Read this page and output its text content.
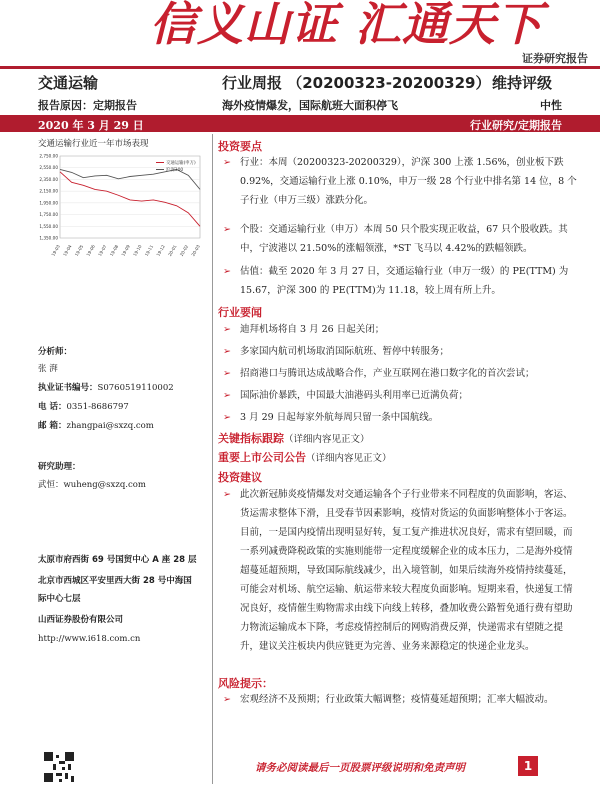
信义山证 汇通天下
证券研究报告
交通运输	行业周报 （20200323-20200329） 维持评级
报告原因：定期报告	海外疫情爆发，国际航班大面积停飞	中性
2020 年 3 月 29 日	行业研究/定期报告
交通运输行业近一年市场表现
2,750.00
2,550.00
2,350.00
2,150.00
1,950.00
1,750.00
1,550.00
1,350.00
19-03 19-04 19-05 19-06 19-07 19-08 19-09 19-10 19-11 19-12 20-01 20-02 20-03
交通运输(申万)
沪深300
分析师：
张 湃
执业证书编号：S0760519110002
电 话：0351-8686797
邮 箱：zhangpai@sxzq.com
研究助理：
武恒：wuheng@sxzq.com
太原市府西街 69 号国贸中心 A 座 28 层
北京市西城区平安里西大街 28 号中海国
际中心七层
山西证券股份有限公司
http://www.i618.com.cn
投资要点
➢ 行业：本周（20200323-20200329），沪深 300 上涨 1.56%，创业板下跌 0.92%，交通运输行业上涨 0.10%，申万一级 28 个行业中排名第 14 位，8 个子行业（申万三级）涨跌分化。
➢ 个股：交通运输行业（申万）本周 50 只个股实现正收益，67 只个股收跌。其中，宁波港以 21.50%的涨幅领涨，*ST 飞马以 4.42%的跌幅领跌。
➢ 估值：截至 2020 年 3 月 27 日，交通运输行业（申万一级）的 PE(TTM) 为 15.67，沪深 300 的 PE(TTM)为 11.18，较上周有所上升。
行业要闻
➢ 迪拜机场将自 3 月 26 日起关闭；
➢ 多家国内航司机场取消国际航班、暂停中转服务；
➢ 招商港口与腾讯达成战略合作，产业互联网在港口数字化的首次尝试；
➢ 国际油价暴跌，中国最大油港码头利用率已近满负荷；
➢ 3 月 29 日起每家外航每周只留一条中国航线。
关键指标跟踪（详细内容见正文）
重要上市公司公告（详细内容见正文）
投资建议
➢ 此次新冠肺炎疫情爆发对交通运输各个子行业带来不同程度的负面影响，客运、货运需求整体下滑，且受春节因素影响，疫情对货运的负面影响整体小于客运。目前，一是国内疫情出现明显好转，复工复产推进状况良好，需求有望回暖，而一系列减费降税政策的实施则能带一定程度缓解企业的成本压力，二是海外疫情超蔓延超预期，导致国际航线减少，出入境管制，如果后续海外疫情持续蔓延，可能会对机场、航空运输、航运带来较大程度负面影响。短期来看，快递复工情况良好，疫情催生购物需求由线下向线上转移，叠加收费公路暂免通行费有望助力物流运输成本下降，考虑疫情控制后的网购消费反弹，快递需求有望随之提升，建议关注板块内供应链更为完善、业务来源稳定的快递企业龙头。
风险提示：
➢ 宏观经济不及预期；行业政策大幅调整；疫情蔓延超预期；汇率大幅波动。
请务必阅读最后一页股票评级说明和免责声明	1
